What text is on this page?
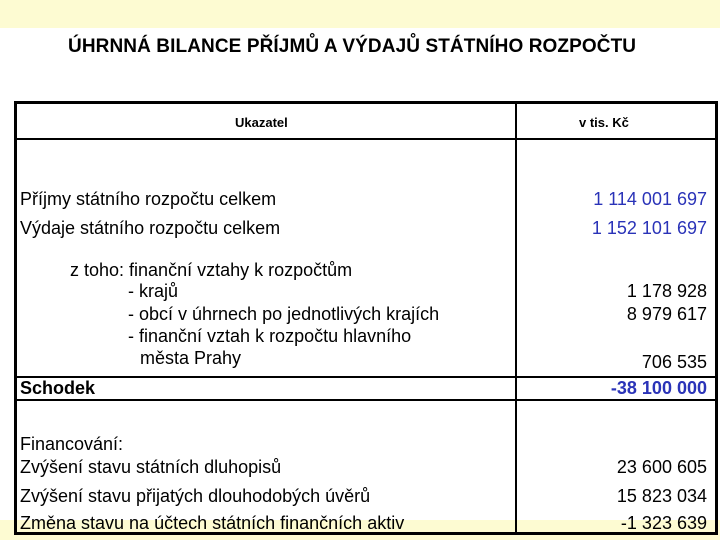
ÚHRNNÁ BILANCE PŘÍJMŮ A VÝDAJŮ STÁTNÍHO ROZPOČTU
Ukazatel	v tis. Kč
Příjmy státního rozpočtu celkem	1 114 001 697
Výdaje státního rozpočtu celkem	1 152 101 697
z toho: finanční vztahy k rozpočtům
- krajů	1 178 928
- obcí v úhrnech po jednotlivých krajích	8 979 617
- finanční vztah k rozpočtu hlavního
města Prahy	706 535
Schodek	-38 100 000
Financování:
Zvýšení stavu státních dluhopisů	23 600 605
Zvýšení stavu přijatých dlouhodobých úvěrů	15 823 034
Změna stavu na účtech státních finančních aktiv	-1 323 639
